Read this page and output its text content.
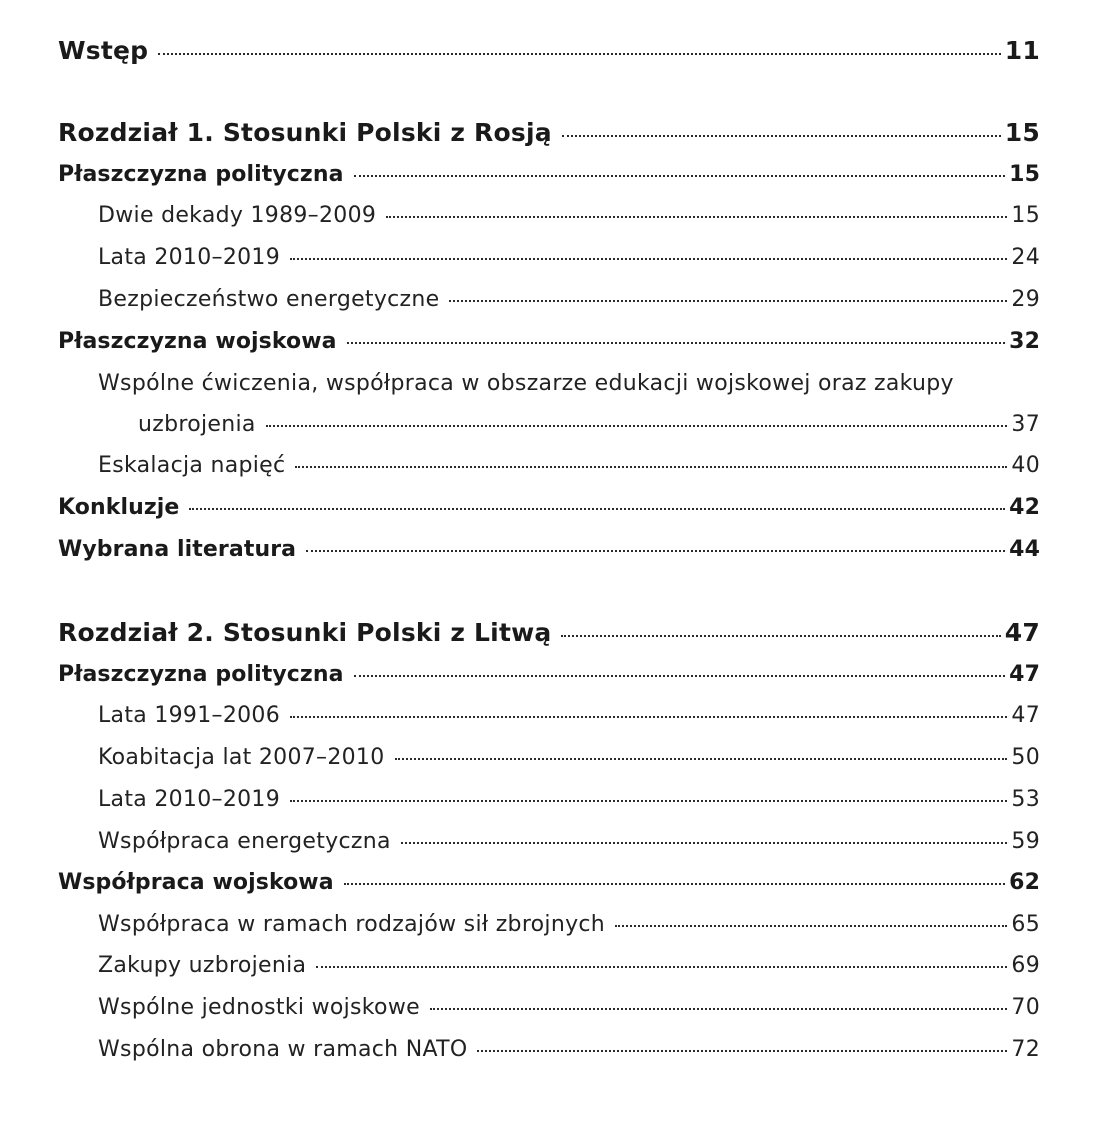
Wstęp	11
Rozdział 1. Stosunki Polski z Rosją	15
Płaszczyzna polityczna	15
Dwie dekady 1989–2009	15
Lata 2010–2019	24
Bezpieczeństwo energetyczne	29
Płaszczyzna wojskowa	32
Wspólne ćwiczenia, współpraca w obszarze edukacji wojskowej oraz zakupy
uzbrojenia	37
Eskalacja napięć	40
Konkluzje	42
Wybrana literatura	44
Rozdział 2. Stosunki Polski z Litwą	47
Płaszczyzna polityczna	47
Lata 1991–2006	47
Koabitacja lat 2007–2010	50
Lata 2010–2019	53
Współpraca energetyczna	59
Współpraca wojskowa	62
Współpraca w ramach rodzajów sił zbrojnych	65
Zakupy uzbrojenia	69
Wspólne jednostki wojskowe	70
Wspólna obrona w ramach NATO	72
